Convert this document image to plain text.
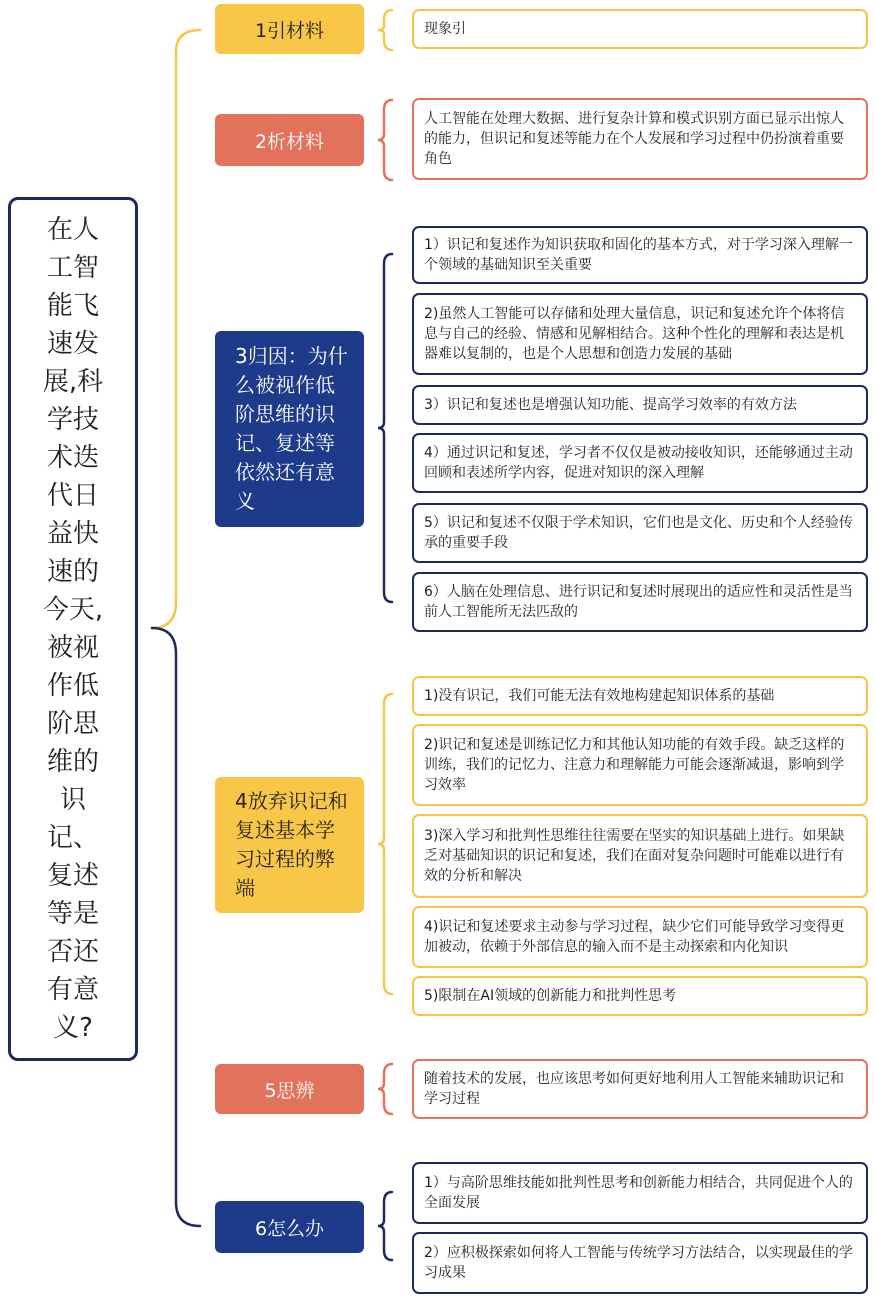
在人工智能飞速发展,科学技术迭代日益快速的今天,被视作低阶思维的识记、复述等是否还有意义?
1引材料	现象引
2析材料
人工智能在处理大数据、进行复杂计算和模式识别方面已显示出惊人的能力，但识记和复述等能力在个人发展和学习过程中仍扮演着重要角色
3归因：为什么被视作低阶思维的识记、复述等依然还有意义
1）识记和复述作为知识获取和固化的基本方式，对于学习深入理解一个领域的基础知识至关重要
2)虽然人工智能可以存储和处理大量信息，识记和复述允许个体将信息与自己的经验、情感和见解相结合。这种个性化的理解和表达是机器难以复制的，也是个人思想和创造力发展的基础
3）识记和复述也是增强认知功能、提高学习效率的有效方法
4）通过识记和复述，学习者不仅仅是被动接收知识，还能够通过主动回顾和表述所学内容，促进对知识的深入理解
5）识记和复述不仅限于学术知识，它们也是文化、历史和个人经验传承的重要手段
6）人脑在处理信息、进行识记和复述时展现出的适应性和灵活性是当前人工智能所无法匹敌的
4放弃识记和复述基本学习过程的弊端
1)没有识记，我们可能无法有效地构建起知识体系的基础
2)识记和复述是训练记忆力和其他认知功能的有效手段。缺乏这样的训练，我们的记忆力、注意力和理解能力可能会逐渐减退，影响到学习效率
3)深入学习和批判性思维往往需要在坚实的知识基础上进行。如果缺乏对基础知识的识记和复述，我们在面对复杂问题时可能难以进行有效的分析和解决
4)识记和复述要求主动参与学习过程，缺少它们可能导致学习变得更加被动，依赖于外部信息的输入而不是主动探索和内化知识
5)限制在AI领域的创新能力和批判性思考
5思辨
随着技术的发展，也应该思考如何更好地利用人工智能来辅助识记和学习过程
6怎么办
1）与高阶思维技能如批判性思考和创新能力相结合，共同促进个人的全面发展
2）应积极探索如何将人工智能与传统学习方法结合，以实现最佳的学习成果
